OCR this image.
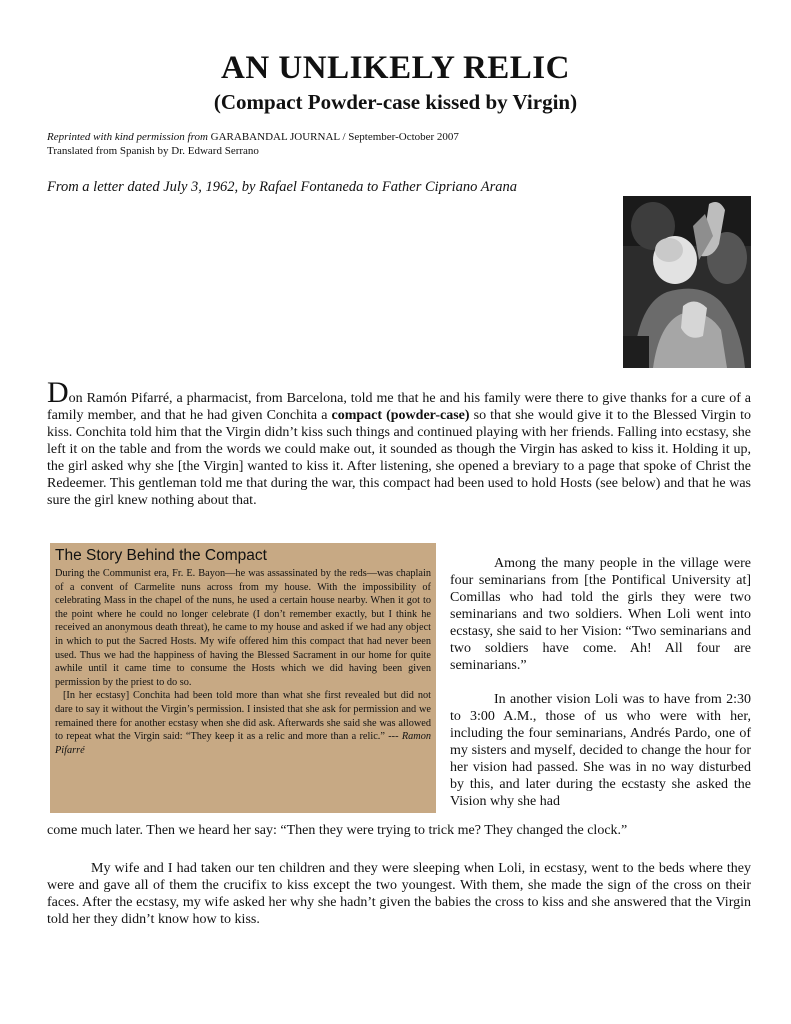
AN UNLIKELY RELIC
(Compact Powder-case kissed by Virgin)
Reprinted with kind permission from GARABANDAL JOURNAL / September-October 2007
Translated from Spanish by Dr. Edward Serrano
From a letter dated July 3, 1962, by Rafael Fontaneda to Father Cipriano Arana
Don Ramón Pifarré, a pharmacist, from Barcelona, told me that he and his family were there to give thanks for a cure of a family member, and that he had given Conchita a compact (powder-case) so that she would give it to the Blessed Virgin to kiss. Conchita told him that the Virgin didn’t kiss such things and continued playing with her friends. Falling into ecstasy, she left it on the table and from the words we could make out, it sounded as though the Virgin has asked to kiss it. Holding it up, the girl asked why she [the Virgin] wanted to kiss it. After listening, she opened a breviary to a page that spoke of Christ the Redeemer. This gentleman told me that during the war, this compact had been used to hold Hosts (see below) and that he was sure the girl knew nothing about that.
The Story Behind the Compact

During the Communist era, Fr. E. Bayon—he was assassinated by the reds—was chaplain of a convent of Carmelite nuns across from my house. With the impossibility of celebrating Mass in the chapel of the nuns, he used a certain house nearby. When it got to the point where he could no longer celebrate (I don’t remember exactly, but I think he received an anonymous death threat), he came to my house and asked if we had any object in which to put the Sacred Hosts. My wife offered him this compact that had never been used. Thus we had the happiness of having the Blessed Sacrament in our home for quite awhile until it came time to consume the Hosts which we did having been given permission by the priest to do so.

[In her ecstasy] Conchita had been told more than what she first revealed but did not dare to say it without the Virgin’s permission. I insisted that she ask for permission and we remained there for another ecstasy when she did ask. Afterwards she said she was allowed to repeat what the Virgin said: “They keep it as a relic and more than a relic.” --- Ramon Pifarré

Among the many people in the village were four seminarians from [the Pontifical University at] Comillas who had told the girls they were two seminarians and two soldiers. When Loli went into ecstasy, she said to her Vision: “Two seminarians and two soldiers have come. Ah! All four are seminarians.”

In another vision Loli was to have from 2:30 to 3:00 A.M., those of us who were with her, including the four seminarians, Andrés Pardo, one of my sisters and myself, decided to change the hour for her vision had passed. She was in no way disturbed by this, and later during the ecstasty she asked the Vision why she had

come much later. Then we heard her say: “Then they were trying to trick me? They changed the clock.”
My wife and I had taken our ten children and they were sleeping when Loli, in ecstasy, went to the beds where they were and gave all of them the crucifix to kiss except the two youngest. With them, she made the sign of the cross on their faces. After the ecstasy, my wife asked her why she hadn’t given the babies the cross to kiss and she answered that the Virgin told her they didn’t know how to kiss.
